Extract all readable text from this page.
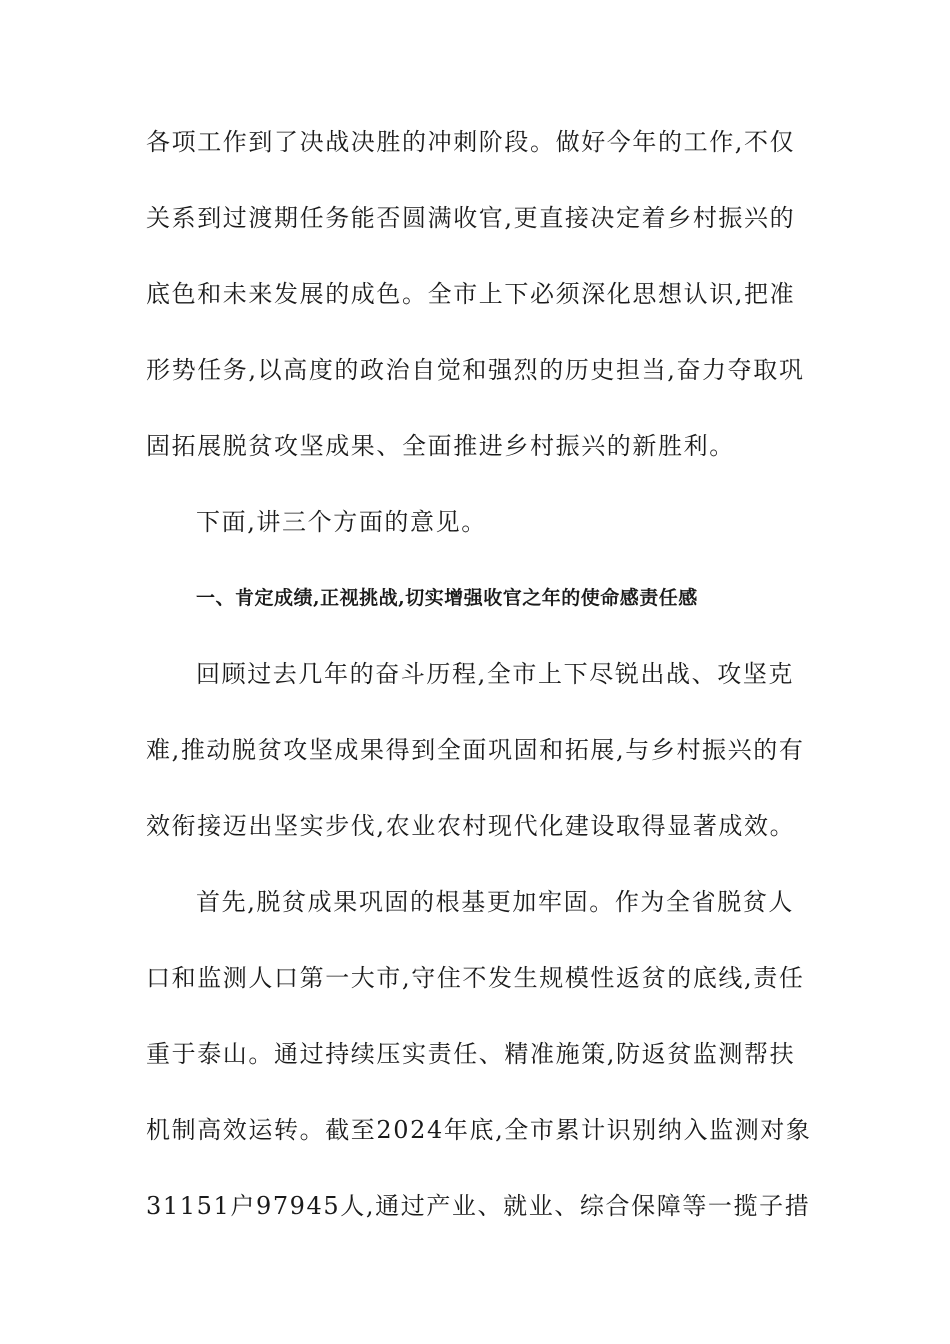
各项工作到了决战决胜的冲刺阶段。做好今年的工作,不仅
关系到过渡期任务能否圆满收官,更直接决定着乡村振兴的
底色和未来发展的成色。全市上下必须深化思想认识,把准
形势任务,以高度的政治自觉和强烈的历史担当,奋力夺取巩
固拓展脱贫攻坚成果、全面推进乡村振兴的新胜利。
下面,讲三个方面的意见。
一、肯定成绩,正视挑战,切实增强收官之年的使命感责任感
回顾过去几年的奋斗历程,全市上下尽锐出战、攻坚克
难,推动脱贫攻坚成果得到全面巩固和拓展,与乡村振兴的有
效衔接迈出坚实步伐,农业农村现代化建设取得显著成效。
首先,脱贫成果巩固的根基更加牢固。作为全省脱贫人
口和监测人口第一大市,守住不发生规模性返贫的底线,责任
重于泰山。通过持续压实责任、精准施策,防返贫监测帮扶
机制高效运转。截至2024年底,全市累计识别纳入监测对象
31151户97945人,通过产业、就业、综合保障等一揽子措
